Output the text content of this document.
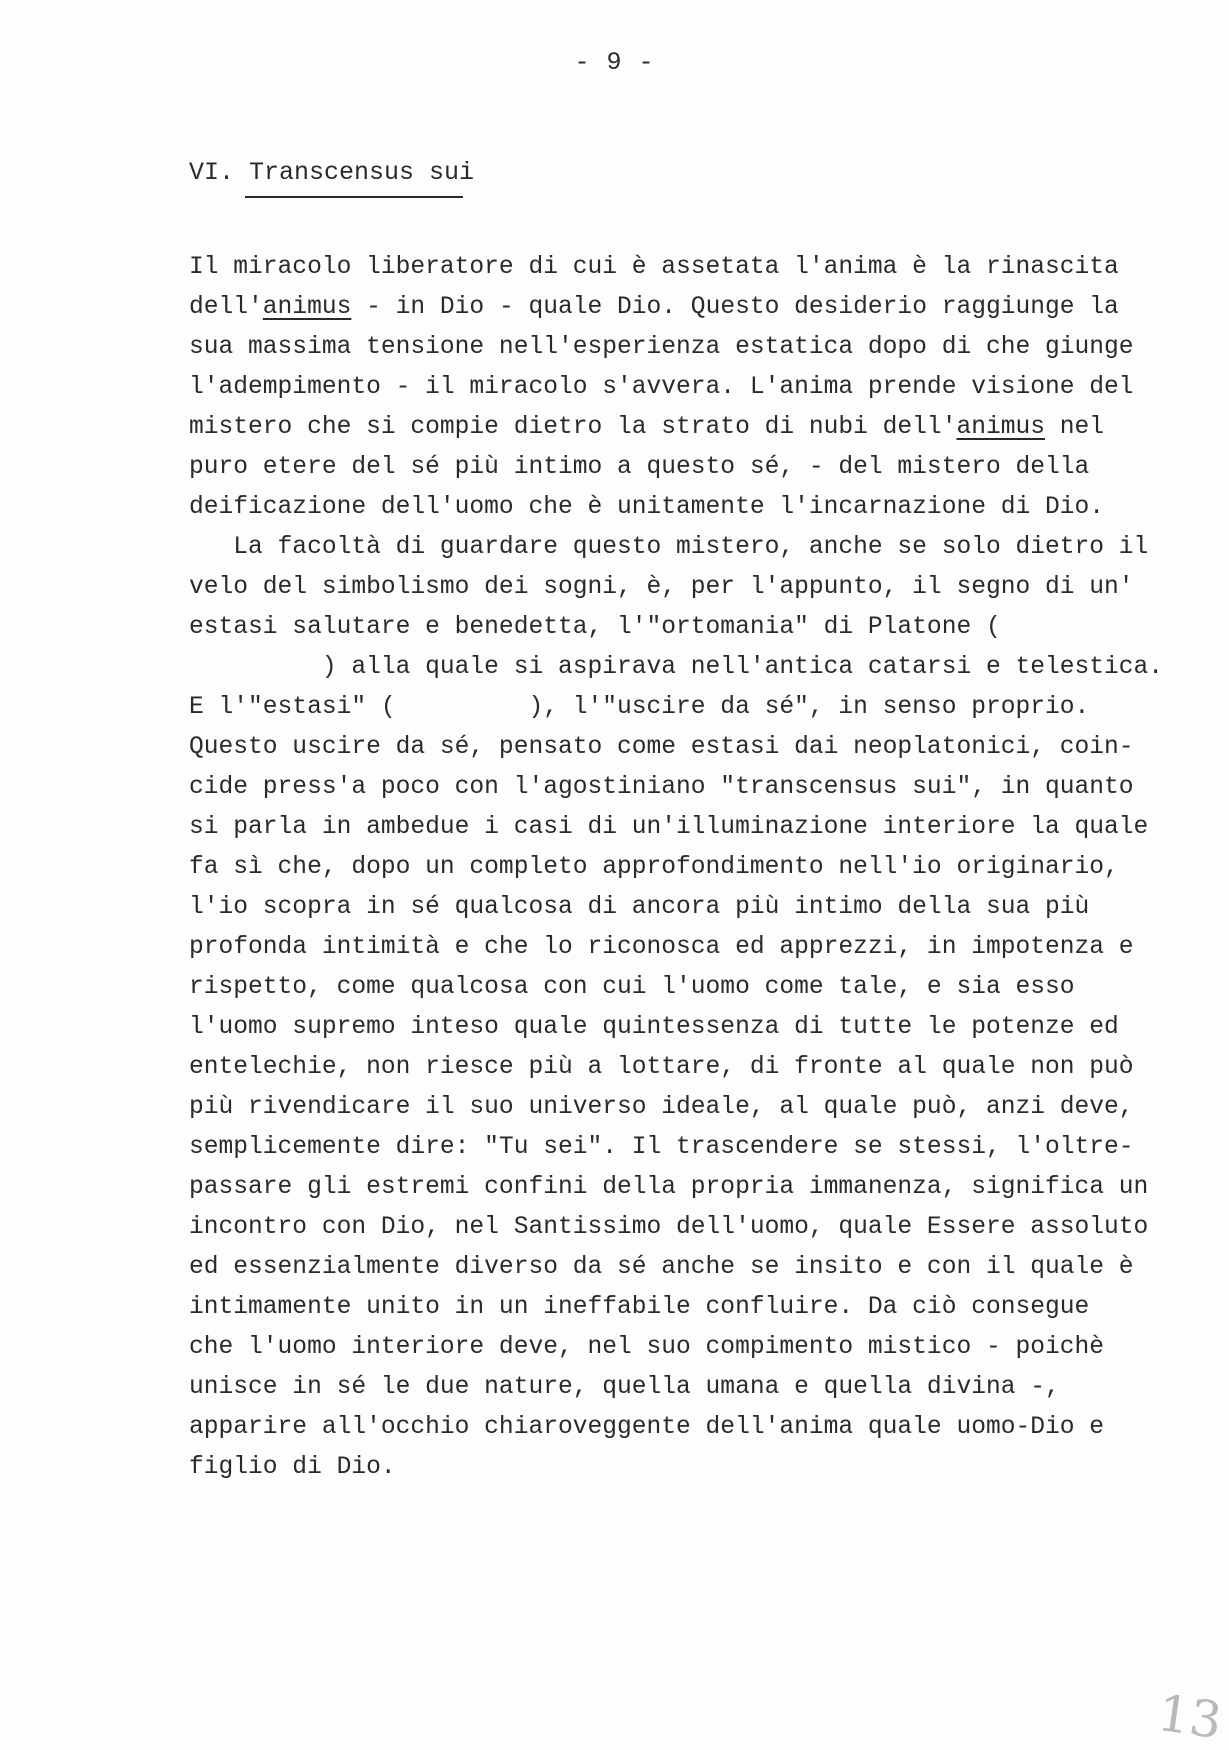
- 9 -
VI. Transcensus sui
Il miracolo liberatore di cui è assetata l'anima è la rinascita
dell'animus - in Dio - quale Dio. Questo desiderio raggiunge la
sua massima tensione nell'esperienza estatica dopo di che giunge
l'adempimento - il miracolo s'avvera. L'anima prende visione del
mistero che si compie dietro la strato di nubi dell'animus nel
puro etere del sé più intimo a questo sé, - del mistero della
deificazione dell'uomo che è unitamente l'incarnazione di Dio.
La facoltà di guardare questo mistero, anche se solo dietro il
velo del simbolismo dei sogni, è, per l'appunto, il segno di un'
estasi salutare e benedetta, l'"ortomania" di Platone (
) alla quale si aspirava nell'antica catarsi e telestica.
E l'"estasi" (         ), l'"uscire da sé", in senso proprio.
Questo uscire da sé, pensato come estasi dai neoplatonici, coin-
cide press'a poco con l'agostiniano "transcensus sui", in quanto
si parla in ambedue i casi di un'illuminazione interiore la quale
fa sì che, dopo un completo approfondimento nell'io originario,
l'io scopra in sé qualcosa di ancora più intimo della sua più
profonda intimità e che lo riconosca ed apprezzi, in impotenza e
rispetto, come qualcosa con cui l'uomo come tale, e sia esso
l'uomo supremo inteso quale quintessenza di tutte le potenze ed
entelechie, non riesce più a lottare, di fronte al quale non può
più rivendicare il suo universo ideale, al quale può, anzi deve,
semplicemente dire: "Tu sei". Il trascendere se stessi, l'oltre-
passare gli estremi confini della propria immanenza, significa un
incontro con Dio, nel Santissimo dell'uomo, quale Essere assoluto
ed essenzialmente diverso da sé anche se insito e con il quale è
intimamente unito in un ineffabile confluire. Da ciò consegue
che l'uomo interiore deve, nel suo compimento mistico - poichè
unisce in sé le due nature, quella umana e quella divina -,
apparire all'occhio chiaroveggente dell'anima quale uomo-Dio e
figlio di Dio.
13
